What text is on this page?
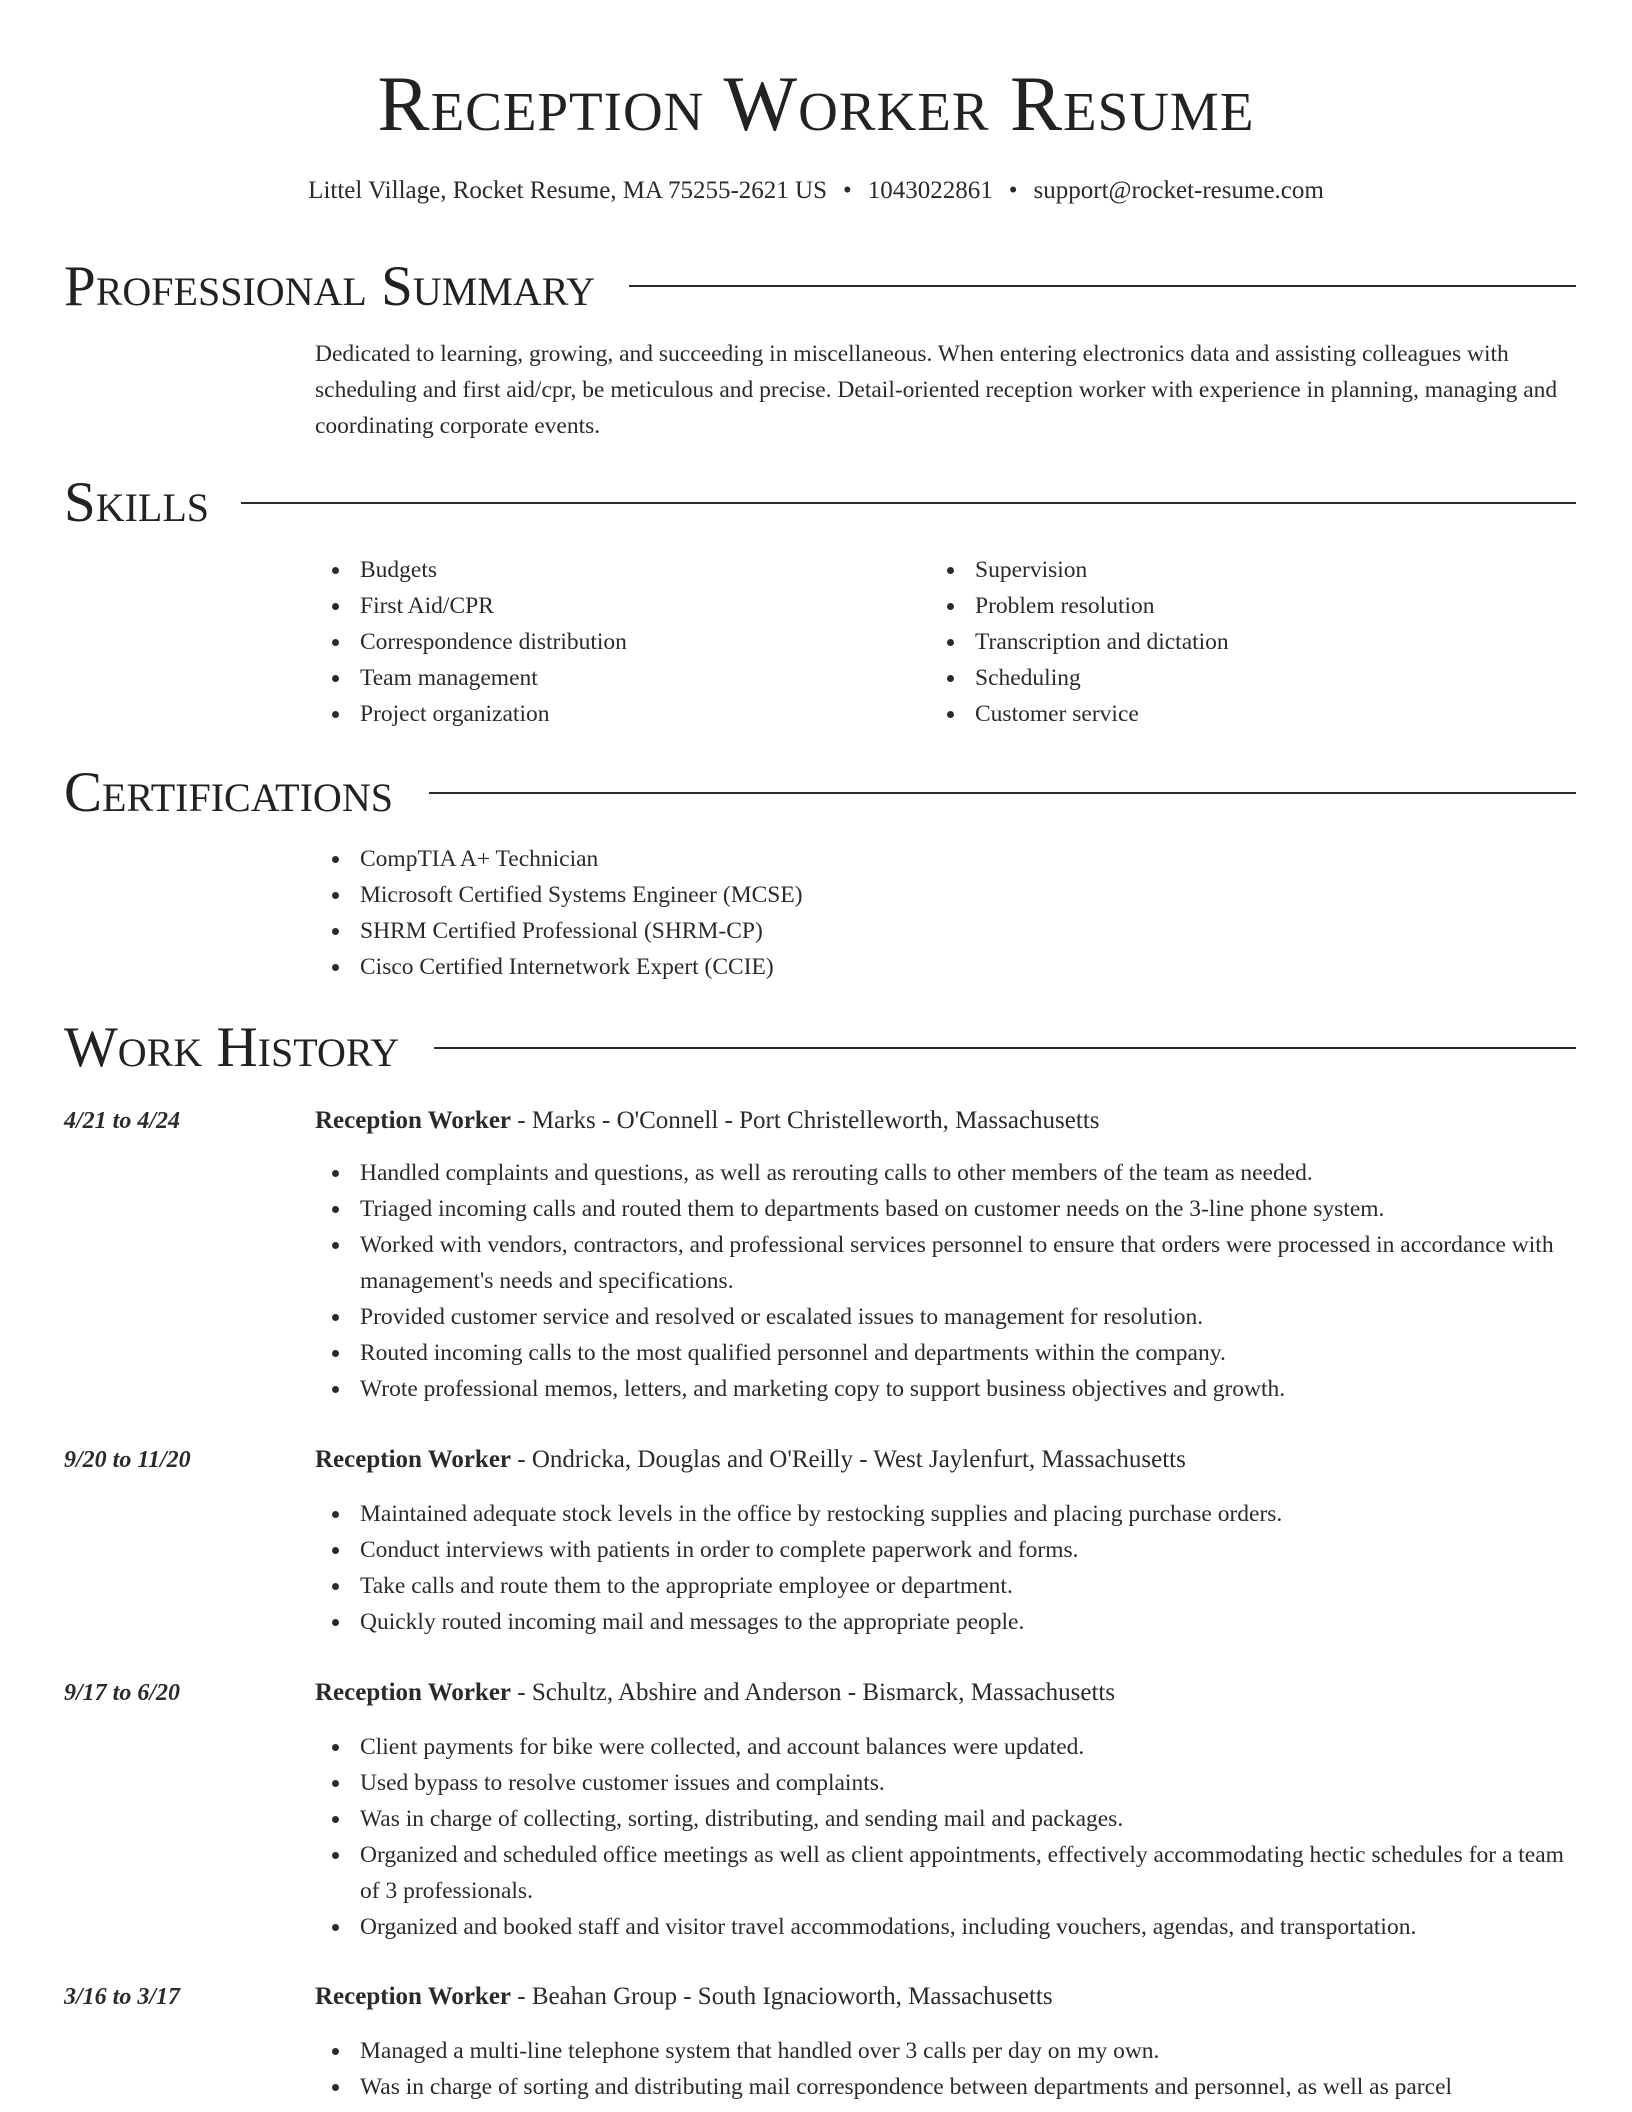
Reception Worker Resume
Littel Village, Rocket Resume, MA 75255-2621 US • 1043022861 • support@rocket-resume.com
Professional Summary
Dedicated to learning, growing, and succeeding in miscellaneous. When entering electronics data and assisting colleagues with scheduling and first aid/cpr, be meticulous and precise. Detail-oriented reception worker with experience in planning, managing and coordinating corporate events.
Skills
Budgets
First Aid/CPR
Correspondence distribution
Team management
Project organization
Supervision
Problem resolution
Transcription and dictation
Scheduling
Customer service
Certifications
CompTIA A+ Technician
Microsoft Certified Systems Engineer (MCSE)
SHRM Certified Professional (SHRM-CP)
Cisco Certified Internetwork Expert (CCIE)
Work History
4/21 to 4/24	Reception Worker - Marks - O'Connell - Port Christelleworth, Massachusetts
Handled complaints and questions, as well as rerouting calls to other members of the team as needed.
Triaged incoming calls and routed them to departments based on customer needs on the 3-line phone system.
Worked with vendors, contractors, and professional services personnel to ensure that orders were processed in accordance with management's needs and specifications.
Provided customer service and resolved or escalated issues to management for resolution.
Routed incoming calls to the most qualified personnel and departments within the company.
Wrote professional memos, letters, and marketing copy to support business objectives and growth.
9/20 to 11/20	Reception Worker - Ondricka, Douglas and O'Reilly - West Jaylenfurt, Massachusetts
Maintained adequate stock levels in the office by restocking supplies and placing purchase orders.
Conduct interviews with patients in order to complete paperwork and forms.
Take calls and route them to the appropriate employee or department.
Quickly routed incoming mail and messages to the appropriate people.
9/17 to 6/20	Reception Worker - Schultz, Abshire and Anderson - Bismarck, Massachusetts
Client payments for bike were collected, and account balances were updated.
Used bypass to resolve customer issues and complaints.
Was in charge of collecting, sorting, distributing, and sending mail and packages.
Organized and scheduled office meetings as well as client appointments, effectively accommodating hectic schedules for a team of 3 professionals.
Organized and booked staff and visitor travel accommodations, including vouchers, agendas, and transportation.
3/16 to 3/17	Reception Worker - Beahan Group - South Ignacioworth, Massachusetts
Managed a multi-line telephone system that handled over 3 calls per day on my own.
Was in charge of sorting and distributing mail correspondence between departments and personnel, as well as parcel
